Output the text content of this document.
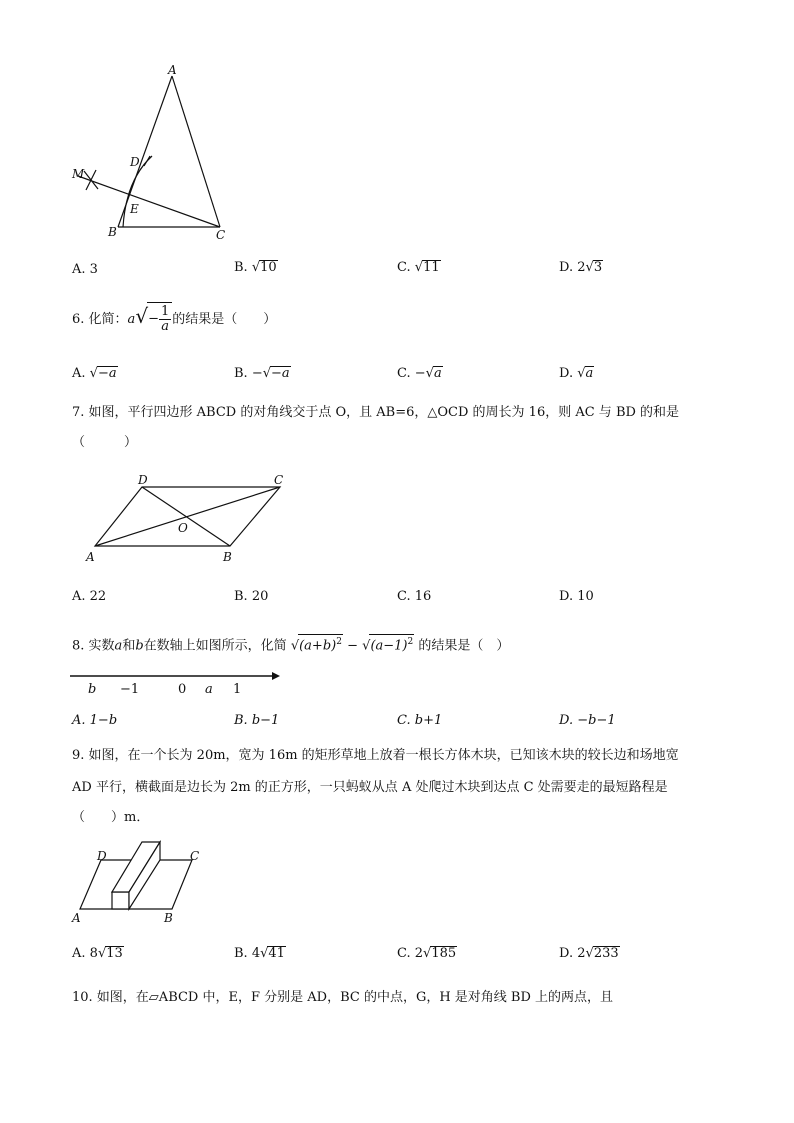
A
B	C
D
E
M
A. 3	B. √10	C. √11	D. 2√3
6. 化简：$a√- \frac{1}{a}$ 的结果是（　　）
A. √−a	B. −√−a	C. −√a	D. √a
7. 如图，平行四边形 ABCD 的对角线交于点 O，且 AB=6，△OCD 的周长为 16，则 AC 与 BD 的和是
（　　　）
A	B
C
D
O
A. 22	B. 20	C. 16	D. 10
8. 实数a和b在数轴上如图所示，化简 $√(a+b)^2 - √(a-1)^2$ 的结果是（　）
b −1	0 a 1
A. 1−b	B. b−1	C. b+1	D. −b−1
9. 如图，在一个长为 20m，宽为 16m 的矩形草地上放着一根长方体木块，已知该木块的较长边和场地宽
AD 平行，横截面是边长为 2m 的正方形，一只蚂蚁从点 A 处爬过木块到达点 C 处需要走的最短路程是
（　　）m．
A	B
C
D
A. 8√13	B. 4√41	C. 2√185	D. 2√233
10. 如图，在▱ABCD 中，E，F 分别是 AD，BC 的中点，G，H 是对角线 BD 上的两点，且
